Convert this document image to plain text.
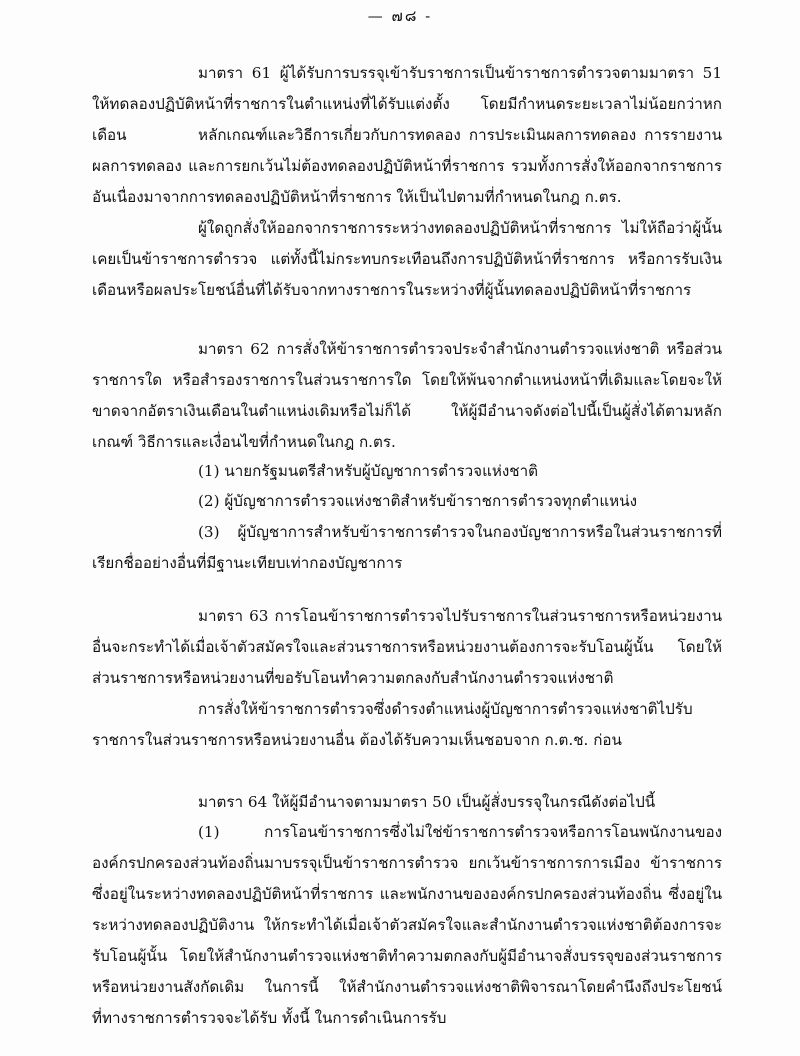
— ๗๘ -

มาตรา 61 ผู้ได้รับการบรรจุเข้ารับราชการเป็นข้าราชการตำรวจตามมาตรา 51 ให้ทดลองปฏิบัติหน้าที่ราชการในตำแหน่งที่ได้รับแต่งตั้ง โดยมีกำหนดระยะเวลาไม่น้อยกว่าหกเดือน	หลักเกณฑ์และวิธีการเกี่ยวกับการทดลอง การประเมินผลการทดลอง การรายงานผลการทดลอง และการยกเว้นไม่ต้องทดลองปฏิบัติหน้าที่ราชการ รวมทั้งการสั่งให้ออกจากราชการอันเนื่องมาจากการทดลองปฏิบัติหน้าที่ราชการ ให้เป็นไปตามที่กำหนดในกฎ ก.ตร.

ผู้ใดถูกสั่งให้ออกจากราชการระหว่างทดลองปฏิบัติหน้าที่ราชการ ไม่ให้ถือว่าผู้นั้นเคยเป็นข้าราชการตำรวจ แต่ทั้งนี้ไม่กระทบกระเทือนถึงการปฏิบัติหน้าที่ราชการ หรือการรับเงินเดือนหรือผลประโยชน์อื่นที่ได้รับจากทางราชการในระหว่างที่ผู้นั้นทดลองปฏิบัติหน้าที่ราชการ

มาตรา 62 การสั่งให้ข้าราชการตำรวจประจำสำนักงานตำรวจแห่งชาติ หรือส่วนราชการใด หรือสำรองราชการในส่วนราชการใด โดยให้พ้นจากตำแหน่งหน้าที่เดิมและโดยจะให้ขาดจากอัตราเงินเดือนในตำแหน่งเดิมหรือไม่ก็ได้ ให้ผู้มีอำนาจดังต่อไปนี้เป็นผู้สั่งได้ตามหลักเกณฑ์ วิธีการและเงื่อนไขที่กำหนดในกฎ ก.ตร.

(1) นายกรัฐมนตรีสำหรับผู้บัญชาการตำรวจแห่งชาติ

(2) ผู้บัญชาการตำรวจแห่งชาติสำหรับข้าราชการตำรวจทุกตำแหน่ง

(3) ผู้บัญชาการสำหรับข้าราชการตำรวจในกองบัญชาการหรือในส่วนราชการที่เรียกชื่ออย่างอื่นที่มีฐานะเทียบเท่ากองบัญชาการ

มาตรา 63 การโอนข้าราชการตำรวจไปรับราชการในส่วนราชการหรือหน่วยงานอื่นจะกระทำได้เมื่อเจ้าตัวสมัครใจและส่วนราชการหรือหน่วยงานต้องการจะรับโอนผู้นั้น โดยให้ส่วนราชการหรือหน่วยงานที่ขอรับโอนทำความตกลงกับสำนักงานตำรวจแห่งชาติ

การสั่งให้ข้าราชการตำรวจซึ่งดำรงตำแหน่งผู้บัญชาการตำรวจแห่งชาติไปรับราชการในส่วนราชการหรือหน่วยงานอื่น ต้องได้รับความเห็นชอบจาก ก.ต.ช. ก่อน

มาตรา 64 ให้ผู้มีอำนาจตามมาตรา 50 เป็นผู้สั่งบรรจุในกรณีดังต่อไปนี้

(1) การโอนข้าราชการซึ่งไม่ใช่ข้าราชการตำรวจหรือการโอนพนักงานขององค์กรปกครองส่วนท้องถิ่นมาบรรจุเป็นข้าราชการตำรวจ ยกเว้นข้าราชการการเมือง ข้าราชการซึ่งอยู่ในระหว่างทดลองปฏิบัติหน้าที่ราชการ และพนักงานขององค์กรปกครองส่วนท้องถิ่น ซึ่งอยู่ในระหว่างทดลองปฏิบัติงาน ให้กระทำได้เมื่อเจ้าตัวสมัครใจและสำนักงานตำรวจแห่งชาติต้องการจะรับโอนผู้นั้น โดยให้สำนักงานตำรวจแห่งชาติทำความตกลงกับผู้มีอำนาจสั่งบรรจุของส่วนราชการหรือหน่วยงานสังกัดเดิม ในการนี้ ให้สำนักงานตำรวจแห่งชาติพิจารณาโดยคำนึงถึงประโยชน์ที่ทางราชการตำรวจจะได้รับ ทั้งนี้ ในการดำเนินการรับ
